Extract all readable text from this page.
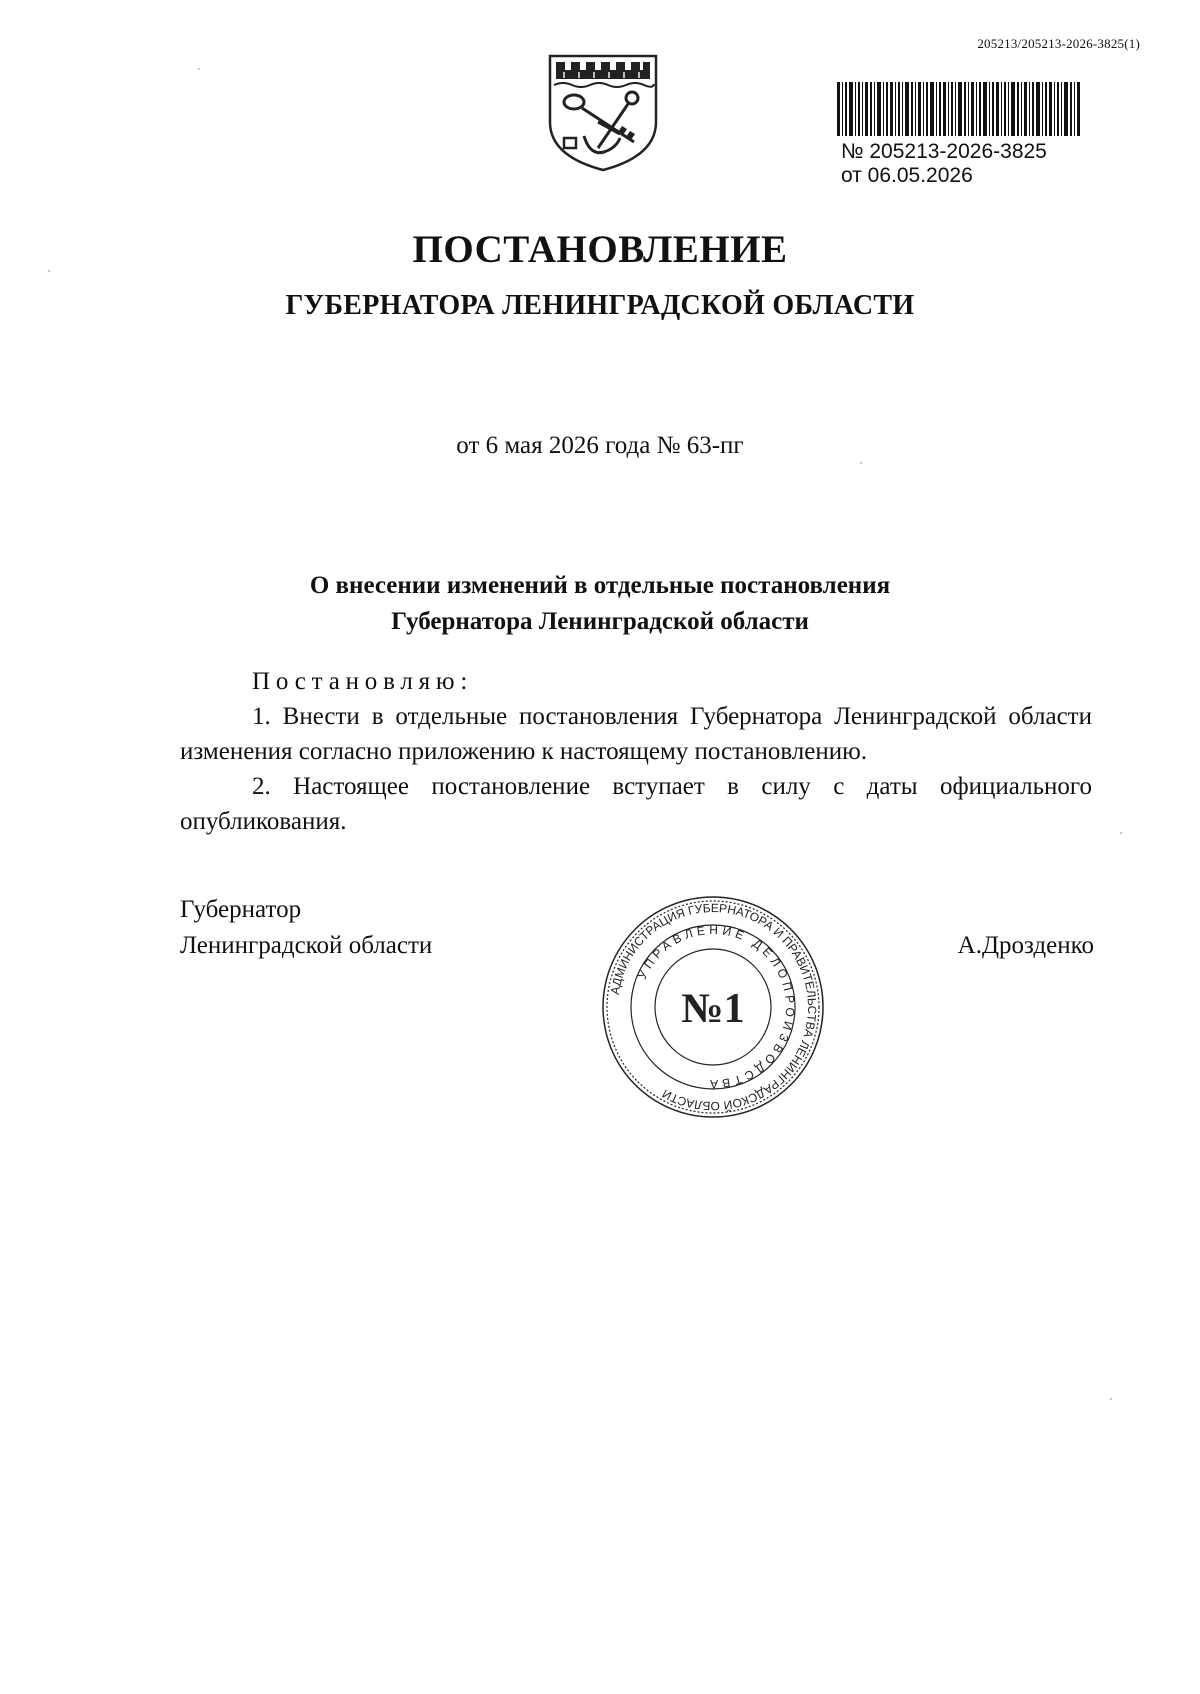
205213/205213-2026-3825(1)
№ 205213-2026-3825
от 06.05.2026
ПОСТАНОВЛЕНИЕ
ГУБЕРНАТОРА ЛЕНИНГРАДСКОЙ ОБЛАСТИ
от 6 мая 2026 года № 63-пг
О внесении изменений в отдельные постановления
Губернатора Ленинградской области

Постановляю:

1. Внести в отдельные постановления Губернатора Ленинградской области изменения согласно приложению к настоящему постановлению.

2. Настоящее постановление вступает в силу с даты официального опубликования.

Губернатор
Ленинградской области	А.Дрозденко
АДМИНИСТРАЦИЯ ГУБЕРНАТОРА И ПРАВИТЕЛЬСТВА ЛЕНИНГРАДСКОЙ ОБЛАСТИ
УПРАВЛЕНИЕ ДЕЛОПРОИЗВОДСТВА
№1
